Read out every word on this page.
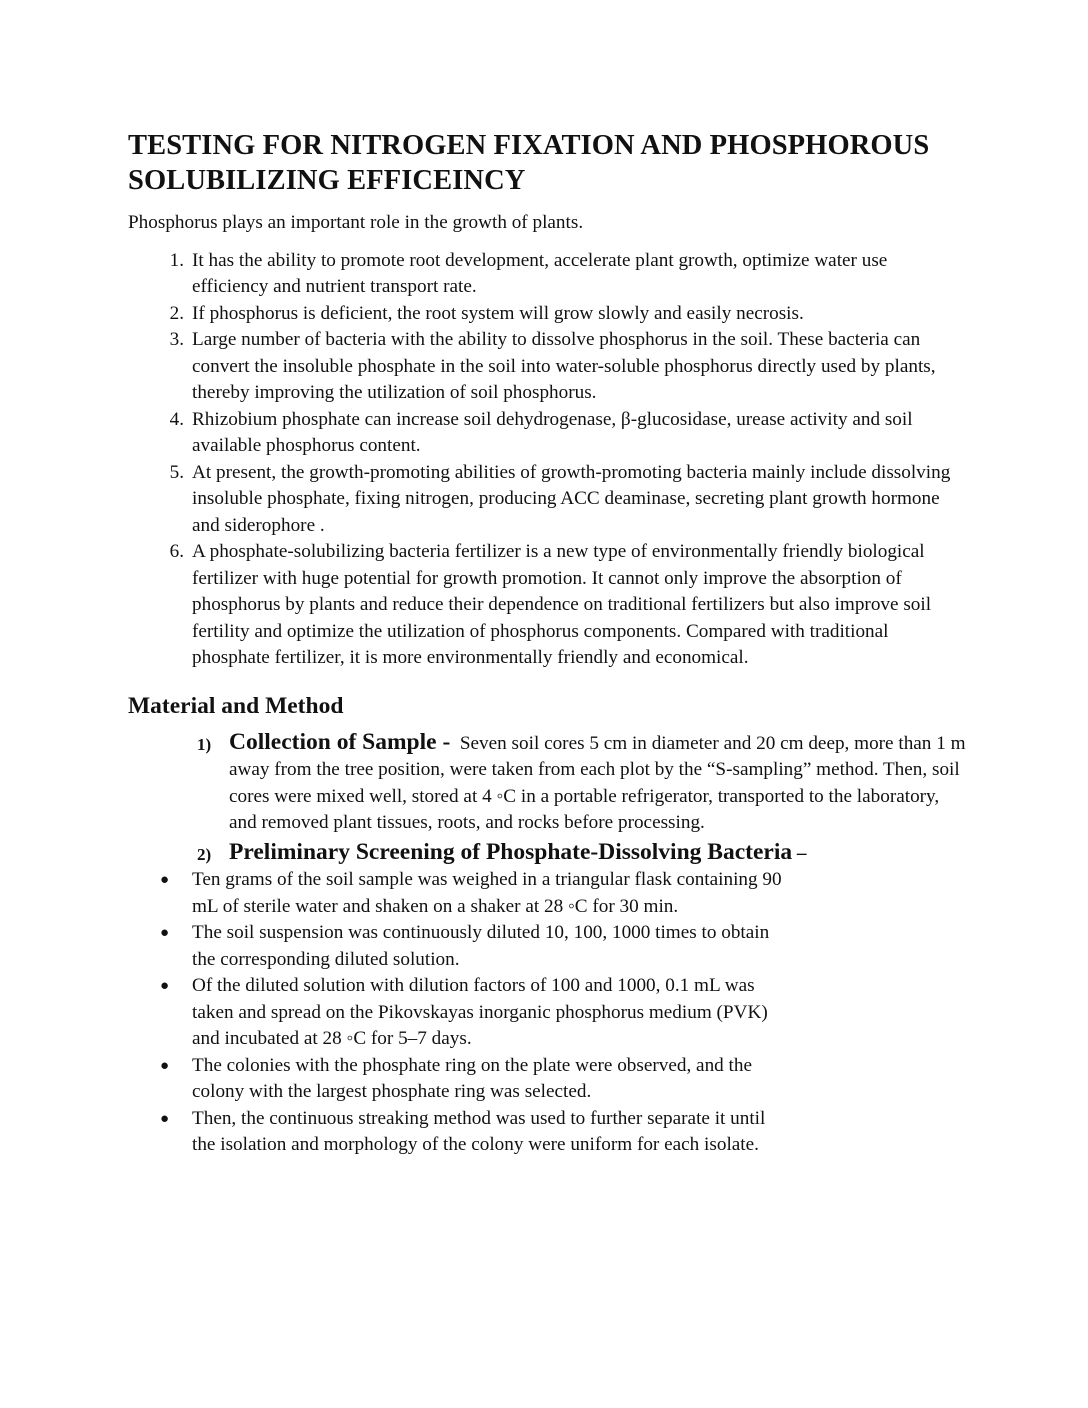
TESTING FOR NITROGEN FIXATION AND PHOSPHOROUS SOLUBILIZING EFFICEINCY

Phosphorus plays an important role in the growth of plants.

1. It has the ability to promote root development, accelerate plant growth, optimize water use efficiency and nutrient transport rate.
2. If phosphorus is deficient, the root system will grow slowly and easily necrosis.
3. Large number of bacteria with the ability to dissolve phosphorus in the soil. These bacteria can convert the insoluble phosphate in the soil into water-soluble phosphorus directly used by plants, thereby improving the utilization of soil phosphorus.
4. Rhizobium phosphate can increase soil dehydrogenase, β-glucosidase, urease activity and soil available phosphorus content.
5. At present, the growth-promoting abilities of growth-promoting bacteria mainly include dissolving insoluble phosphate, fixing nitrogen, producing ACC deaminase, secreting plant growth hormone and siderophore .
6. A phosphate-solubilizing bacteria fertilizer is a new type of environmentally friendly biological fertilizer with huge potential for growth promotion. It cannot only improve the absorption of phosphorus by plants and reduce their dependence on traditional fertilizers but also improve soil fertility and optimize the utilization of phosphorus components. Compared with traditional phosphate fertilizer, it is more environmentally friendly and economical.
Material and Method
1) Collection of Sample - Seven soil cores 5 cm in diameter and 20 cm deep, more than 1 m away from the tree position, were taken from each plot by the “S-sampling” method. Then, soil cores were mixed well, stored at 4 ◦C in a portable refrigerator, transported to the laboratory, and removed plant tissues, roots, and rocks before processing.
2) Preliminary Screening of Phosphate-Dissolving Bacteria –
● Ten grams of the soil sample was weighed in a triangular flask containing 90 mL of sterile water and shaken on a shaker at 28 ◦C for 30 min.
● The soil suspension was continuously diluted 10, 100, 1000 times to obtain the corresponding diluted solution.
● Of the diluted solution with dilution factors of 100 and 1000, 0.1 mL was taken and spread on the Pikovskayas inorganic phosphorus medium (PVK) and incubated at 28 ◦C for 5–7 days.
● The colonies with the phosphate ring on the plate were observed, and the colony with the largest phosphate ring was selected.
● Then, the continuous streaking method was used to further separate it until the isolation and morphology of the colony were uniform for each isolate.
